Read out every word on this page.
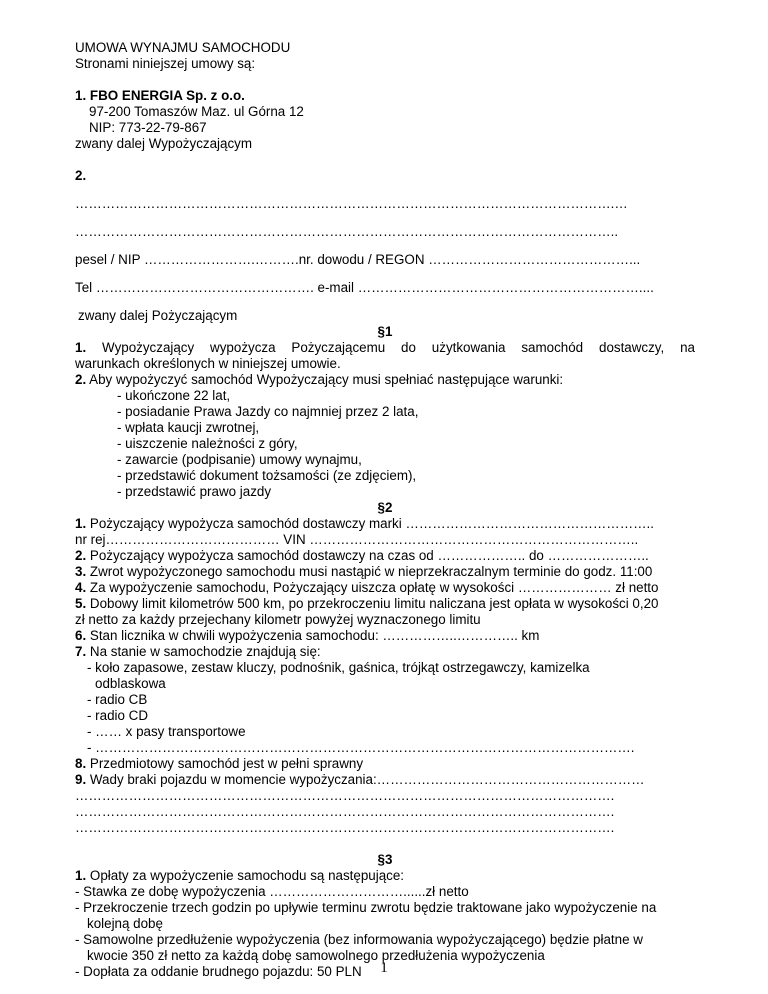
UMOWA WYNAJMU SAMOCHODU
Stronami niniejszej umowy są:
1. FBO ENERGIA Sp. z o.o.
97-200 Tomaszów Maz. ul Górna 12
NIP: 773-22-79-867
zwany dalej Wypożyczającym
2.
………………………………………………………………………………………………………….…
…………………………………………………………………………………………………………..
pesel / NIP …………………….……….nr. dowodu / REGON ………………………………………...
Tel …………………………………………. e-mail ………………………………………………………....
zwany dalej Pożyczającym
§1
1. Wypożyczający wypożycza Pożyczającemu do użytkowania samochód dostawczy, na
warunkach określonych w niniejszej umowie.
2. Aby wypożyczyć samochód Wypożyczający musi spełniać następujące warunki:
- ukończone 22 lat,
- posiadanie Prawa Jazdy co najmniej przez 2 lata,
- wpłata kaucji zwrotnej,
- uiszczenie należności z góry,
- zawarcie (podpisanie) umowy wynajmu,
- przedstawić dokument tożsamości (ze zdjęciem),
- przedstawić prawo jazdy
§2
1. Pożyczający wypożycza samochód dostawczy marki ………………………………………………..
nr rej………………………………… VIN ………………………………………………………………..
2. Pożyczający wypożycza samochód dostawczy na czas od ……………….. do …………………..
3. Zwrot wypożyczonego samochodu musi nastąpić w nieprzekraczalnym terminie do godz. 11:00
4. Za wypożyczenie samochodu, Pożyczający uiszcza opłatę w wysokości ………………… zł netto
5. Dobowy limit kilometrów 500 km, po przekroczeniu limitu naliczana jest opłata w wysokości 0,20
zł netto za każdy przejechany kilometr powyżej wyznaczonego limitu
6. Stan licznika w chwili wypożyczenia samochodu: ……………..………….. km
7. Na stanie w samochodzie znajdują się:
- koło zapasowe, zestaw kluczy, podnośnik, gaśnica, trójkąt ostrzegawczy, kamizelka
odblaskowa
- radio CB
- radio CD
- …… x pasy transportowe
- ………………………………………………………………………………………………………….
8. Przedmiotowy samochód jest w pełni sprawny
9. Wady braki pojazdu w momencie wypożyczania:……………………………………………………
………………………………………………………………………………………………………….
………………………………………………………………………………………………………….
………………………………………………………………………………………………………….
§3
1. Opłaty za wypożyczenie samochodu są następujące:
- Stawka ze dobę wypożyczenia …………………………......zł netto
- Przekroczenie trzech godzin po upływie terminu zwrotu będzie traktowane jako wypożyczenie na
kolejną dobę
- Samowolne przedłużenie wypożyczenia (bez informowania wypożyczającego) będzie płatne w
kwocie 350 zł netto za każdą dobę samowolnego przedłużenia wypożyczenia
- Dopłata za oddanie brudnego pojazdu: 50 PLN	1
